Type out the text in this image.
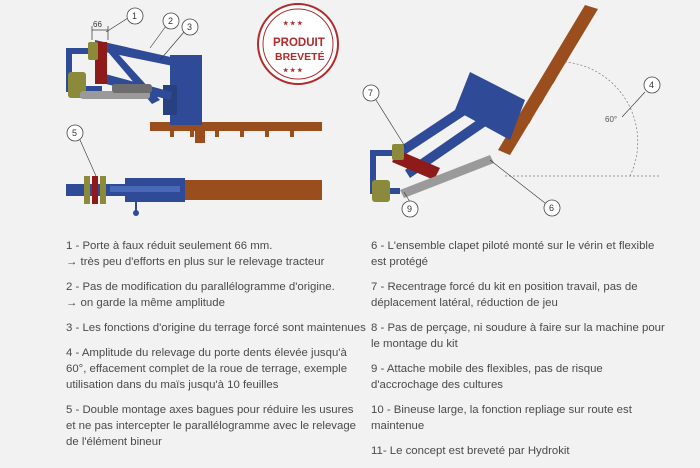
66
1	2
3
5
★ ★ ★
PRODUIT
BREVETÉ
★ ★ ★
60°
4
7
9	6

1 - Porte à faux réduit seulement 66 mm.
→ très peu d'efforts en plus sur le relevage tracteur

2 - Pas de modification du parallélogramme d'origine.
→ on garde la même amplitude

3 - Les fonctions d'origine du terrage forcé sont maintenues

4 - Amplitude du relevage du porte dents élevée jusqu'à 60°, effacement complet de la roue de terrage, exemple utilisation dans du maïs jusqu'à 10 feuilles

5 - Double montage axes bagues pour réduire les usures et ne pas intercepter le parallélogramme avec le relevage de l'élément bineur

6 - L'ensemble clapet piloté monté sur le vérin et flexible est protégé

7 - Recentrage forcé du kit en position travail, pas de déplacement latéral, réduction de jeu

8 - Pas de perçage, ni soudure à faire sur la machine pour le montage du kit

9 - Attache mobile des flexibles, pas de risque d'accrochage des cultures

10 - Bineuse large, la fonction repliage sur route est maintenue

11- Le concept est breveté par Hydrokit
